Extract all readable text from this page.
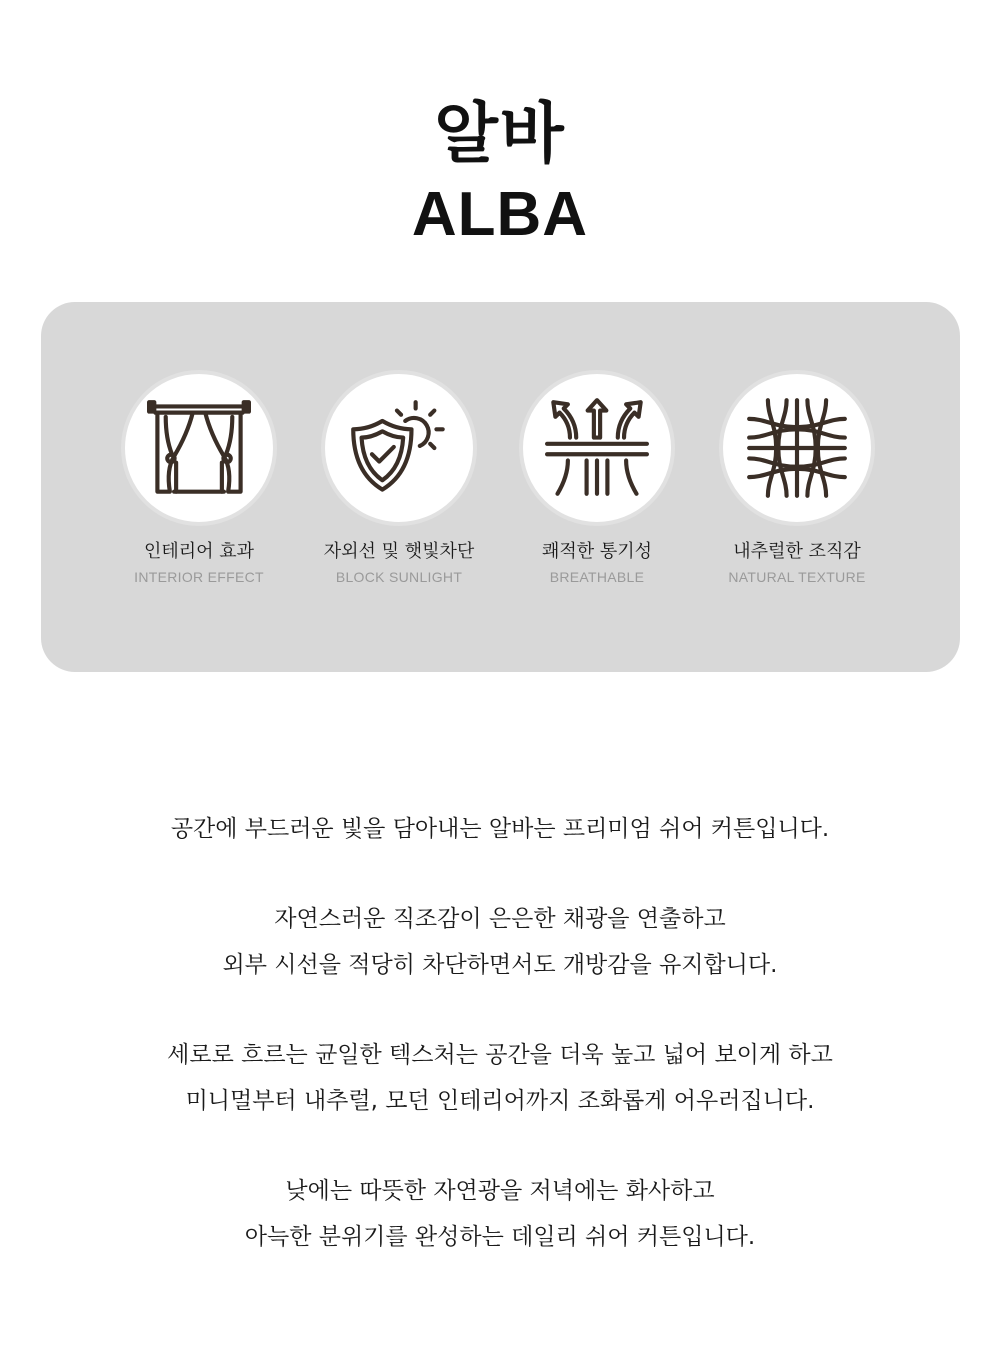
알바
ALBA
인테리어 효과
INTERIOR EFFECT
자외선 및 햇빛차단
BLOCK SUNLIGHT
쾌적한 통기성
BREATHABLE
내추럴한 조직감
NATURAL TEXTURE
공간에 부드러운 빛을 담아내는 알바는 프리미엄 쉬어 커튼입니다.
자연스러운 직조감이 은은한 채광을 연출하고
외부 시선을 적당히 차단하면서도 개방감을 유지합니다.
세로로 흐르는 균일한 텍스처는 공간을 더욱 높고 넓어 보이게 하고
미니멀부터 내추럴, 모던 인테리어까지 조화롭게 어우러집니다.
낮에는 따뜻한 자연광을 저녁에는 화사하고
아늑한 분위기를 완성하는 데일리 쉬어 커튼입니다.
